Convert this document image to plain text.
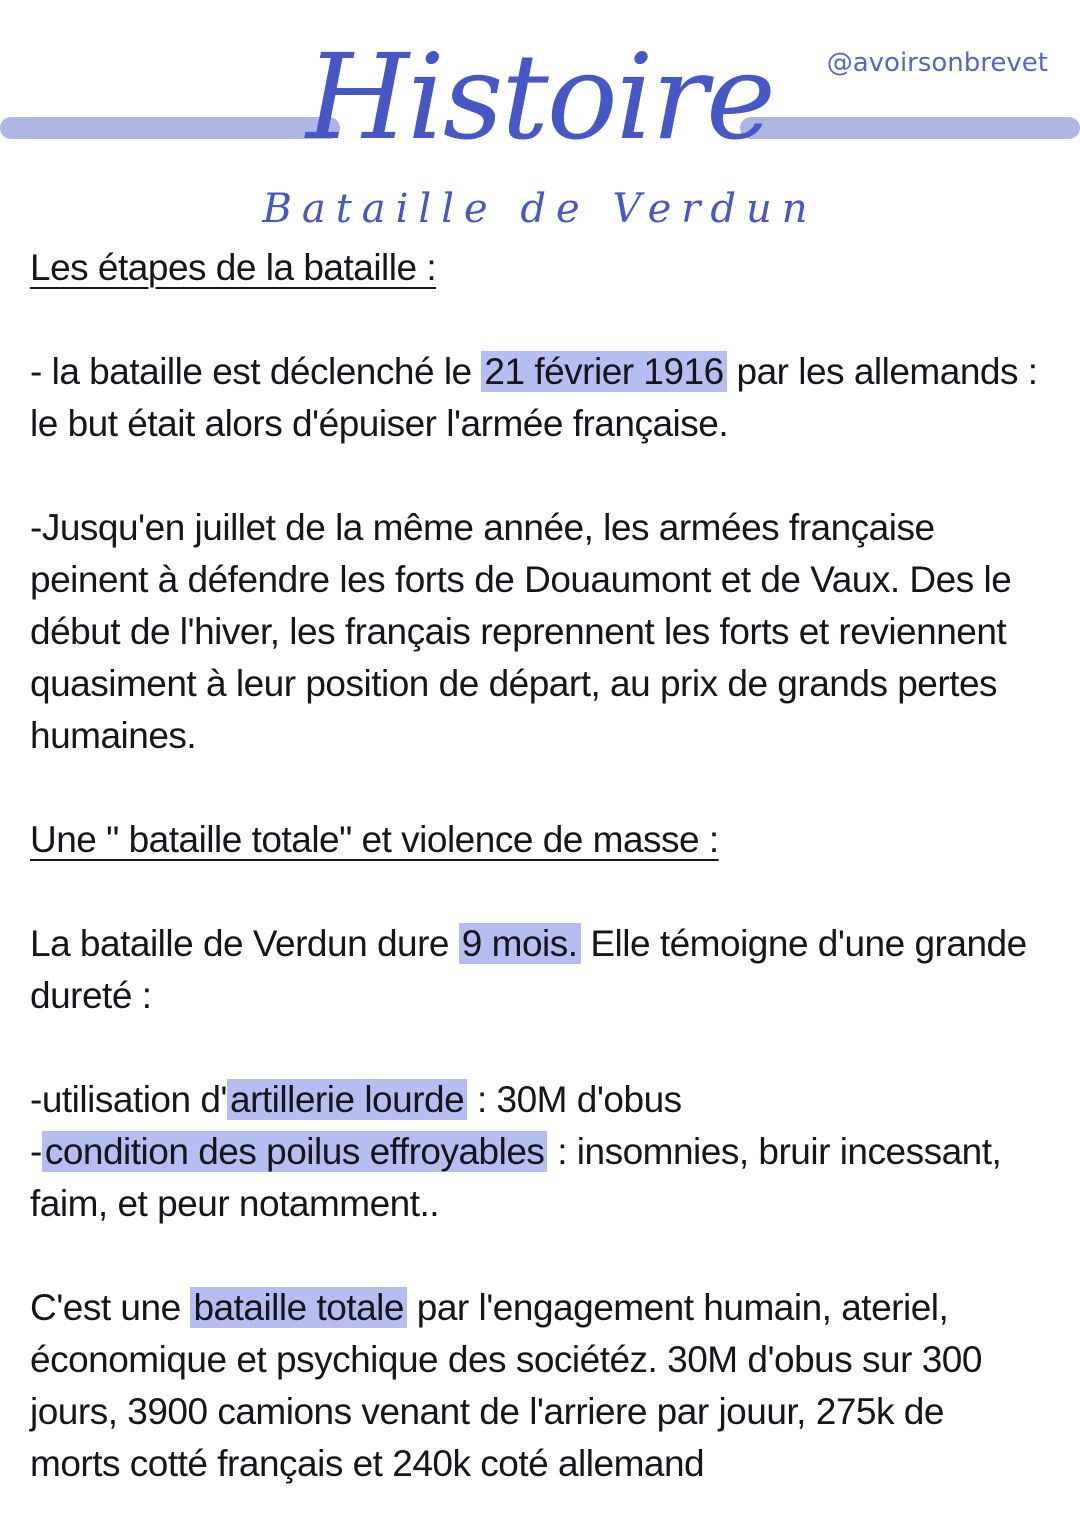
@avoirsonbrevet
Histoire
Bataille de Verdun

Les étapes de la bataille :

- la bataille est déclenché le 21 février 1916 par les allemands :

le but était alors d'épuiser l'armée française.

-Jusqu'en juillet de la même année, les armées française

peinent à défendre les forts de Douaumont et de Vaux. Des le

début de l'hiver, les français reprennent les forts et reviennent

quasiment à leur position de départ, au prix de grands pertes

humaines.

Une " bataille totale" et violence de masse :

La bataille de Verdun dure 9 mois. Elle témoigne d'une grande

dureté :

-utilisation d'artillerie lourde : 30M d'obus

-condition des poilus effroyables : insomnies, bruir incessant,

faim, et peur notamment..

C'est une bataille totale par l'engagement humain, ateriel,

économique et psychique des sociétéz. 30M d'obus sur 300

jours, 3900 camions venant de l'arriere par jouur, 275k de

morts cotté français et 240k coté allemand
